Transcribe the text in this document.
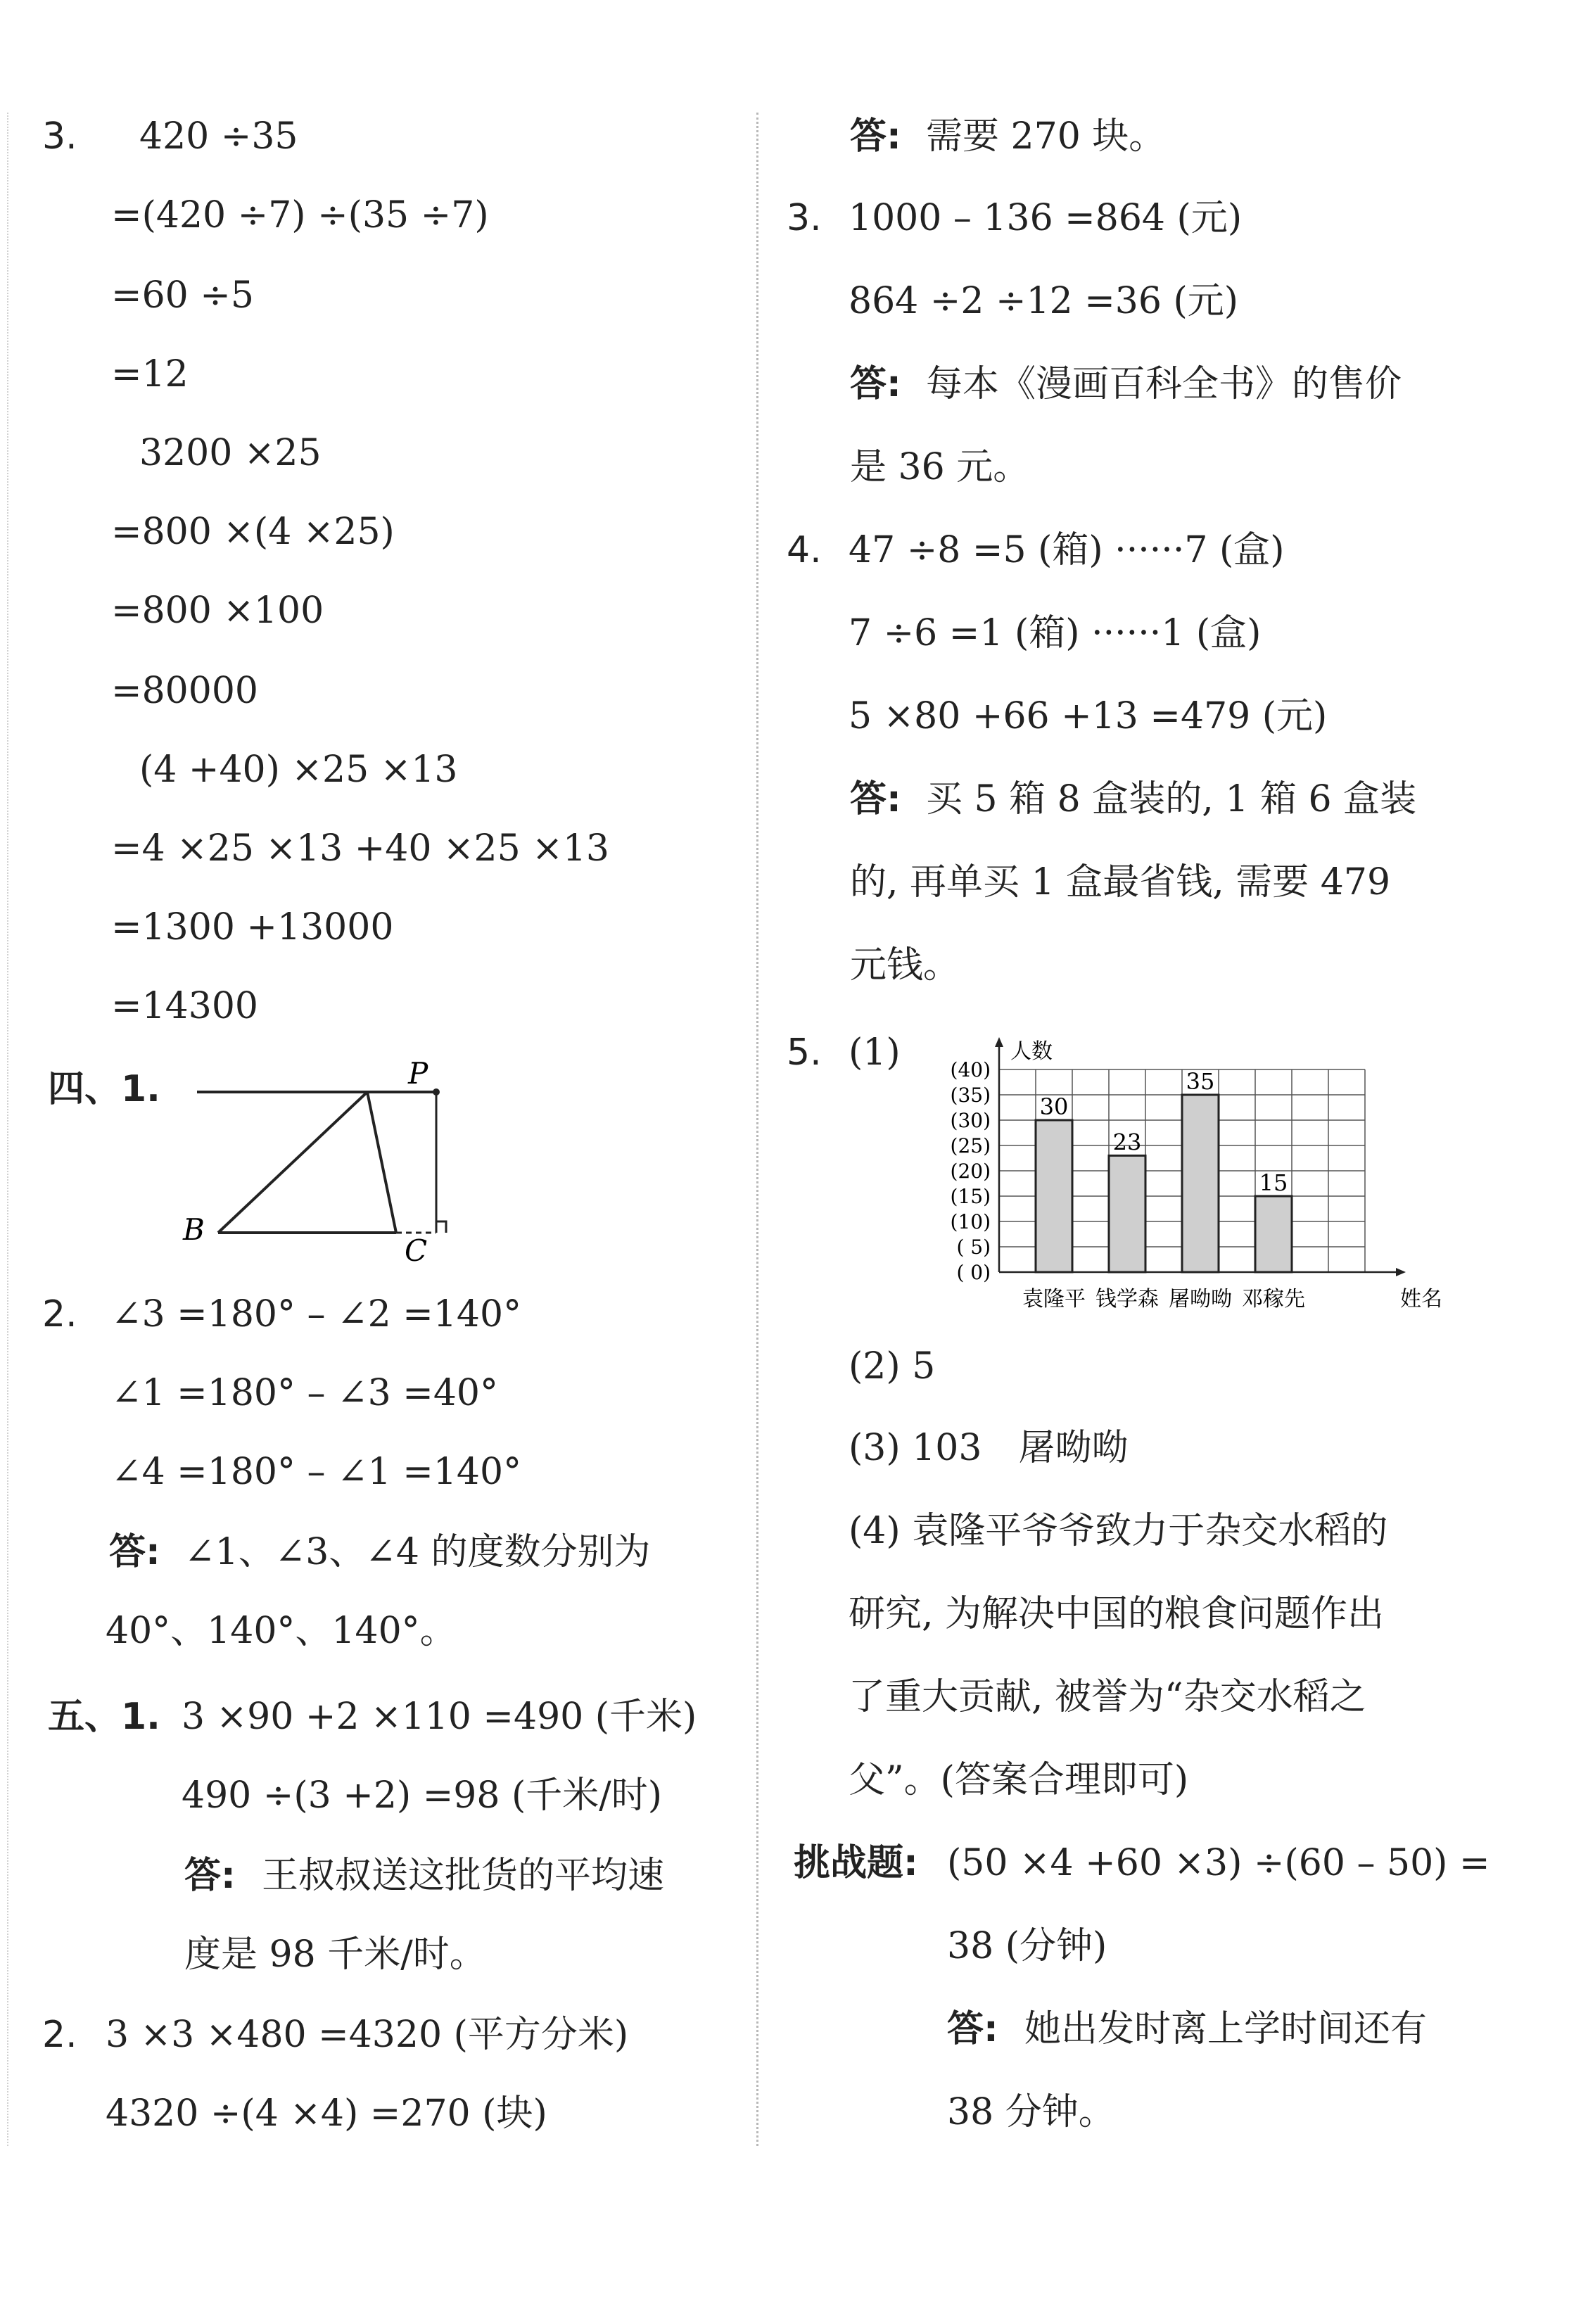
3. 420 ÷35
=(420 ÷7) ÷(35 ÷7)
=60 ÷5
=12
3200 ×25
=800 ×(4 ×25)
=800 ×100
=80000
(4 +40) ×25 ×13
=4 ×25 ×13 +40 ×25 ×13
=1300 +13000
=14300
四、1.	P
B
C
2. ∠3 =180° – ∠2 =140°
∠1 =180° – ∠3 =40°
∠4 =180° – ∠1 =140°
答: ∠1、∠3、∠4 的度数分别为
40°、140°、140°。
五、1. 3 ×90 +2 ×110 =490 (千米)
490 ÷(3 +2) =98 (千米/时)
答: 王叔叔送这批货的平均速
度是 98 千米/时。
2. 3 ×3 ×480 =4320 (平方分米)
4320 ÷(4 ×4) =270 (块)
答: 需要 270 块。
3. 1000 – 136 =864 (元)
864 ÷2 ÷12 =36 (元)
答: 每本《漫画百科全书》的售价
是 36 元。
4. 47 ÷8 =5 (箱) ······7 (盒)
7 ÷6 =1 (箱) ······1 (盒)
5 ×80 +66 +13 =479 (元)
答: 买 5 箱 8 盒装的, 1 箱 6 盒装
的, 再单买 1 盒最省钱, 需要 479
元钱。
5. (1)	人数
姓名
(40)
(35)
(30)
(25)
(20)
(15)
(10)
( 5)
( 0)
30
袁隆平
23
钱学森
35
屠呦呦
15
邓稼先
(2) 5
(3) 103　屠呦呦
(4) 袁隆平爷爷致力于杂交水稻的
研究, 为解决中国的粮食问题作出
了重大贡献, 被誉为“杂交水稻之
父”。(答案合理即可)
挑战题: (50 ×4 +60 ×3) ÷(60 – 50) =
38 (分钟)
答: 她出发时离上学时间还有
38 分钟。
